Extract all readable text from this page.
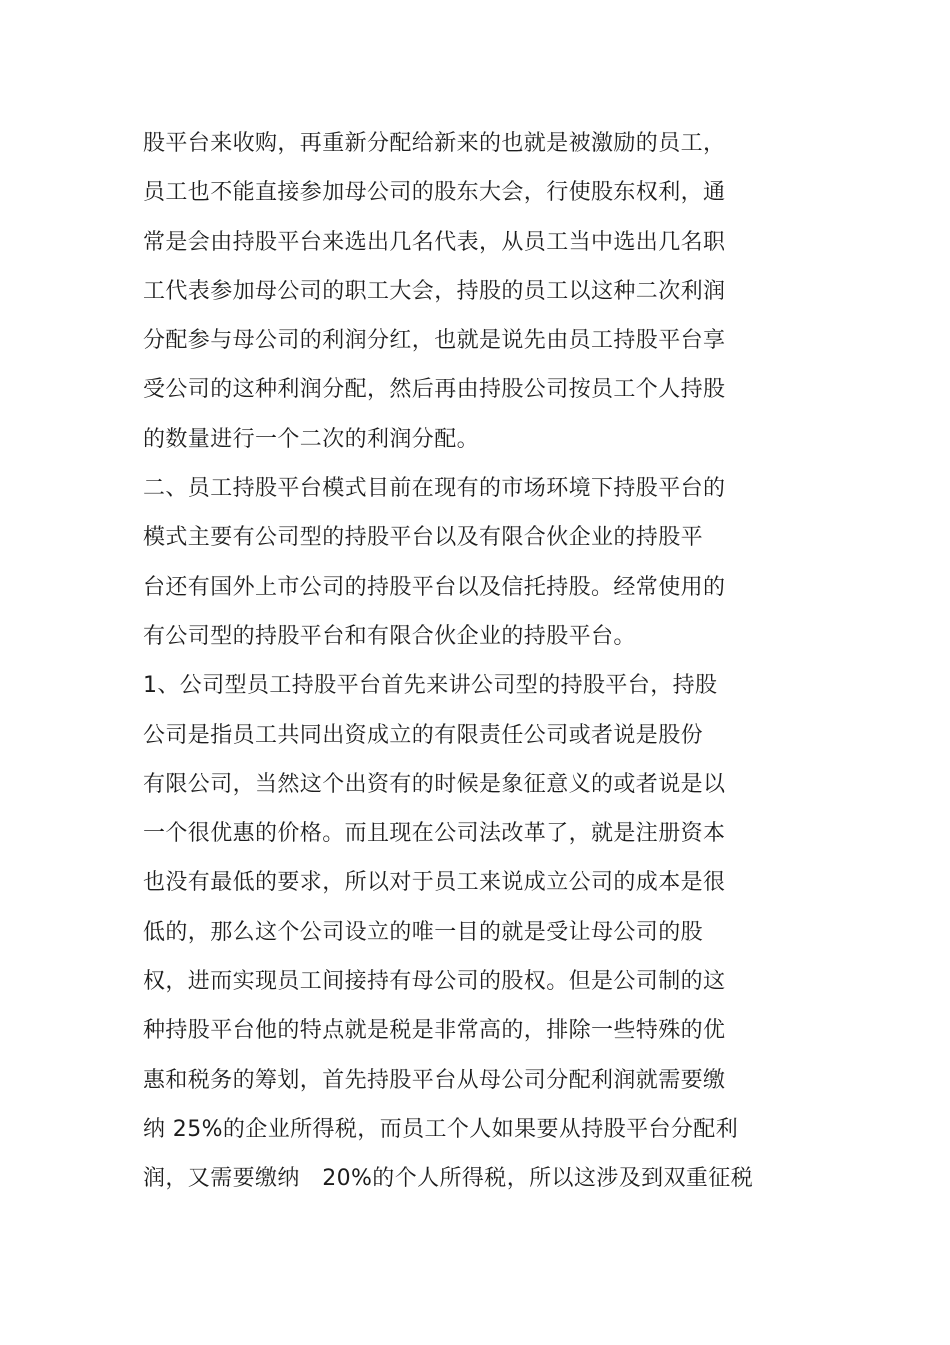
股平台来收购，再重新分配给新来的也就是被激励的员工，

员工也不能直接参加母公司的股东大会，行使股东权利，通

常是会由持股平台来选出几名代表，从员工当中选出几名职

工代表参加母公司的职工大会，持股的员工以这种二次利润

分配参与母公司的利润分红，也就是说先由员工持股平台享

受公司的这种利润分配，然后再由持股公司按员工个人持股

的数量进行一个二次的利润分配。

二、员工持股平台模式目前在现有的市场环境下持股平台的

模式主要有公司型的持股平台以及有限合伙企业的持股平

台还有国外上市公司的持股平台以及信托持股。经常使用的

有公司型的持股平台和有限合伙企业的持股平台。

1、公司型员工持股平台首先来讲公司型的持股平台，持股

公司是指员工共同出资成立的有限责任公司或者说是股份

有限公司，当然这个出资有的时候是象征意义的或者说是以

一个很优惠的价格。而且现在公司法改革了，就是注册资本

也没有最低的要求，所以对于员工来说成立公司的成本是很

低的，那么这个公司设立的唯一目的就是受让母公司的股

权，进而实现员工间接持有母公司的股权。但是公司制的这

种持股平台他的特点就是税是非常高的，排除一些特殊的优

惠和税务的筹划，首先持股平台从母公司分配利润就需要缴

纳 25%的企业所得税，而员工个人如果要从持股平台分配利

润，又需要缴纳　20%的个人所得税，所以这涉及到双重征税
